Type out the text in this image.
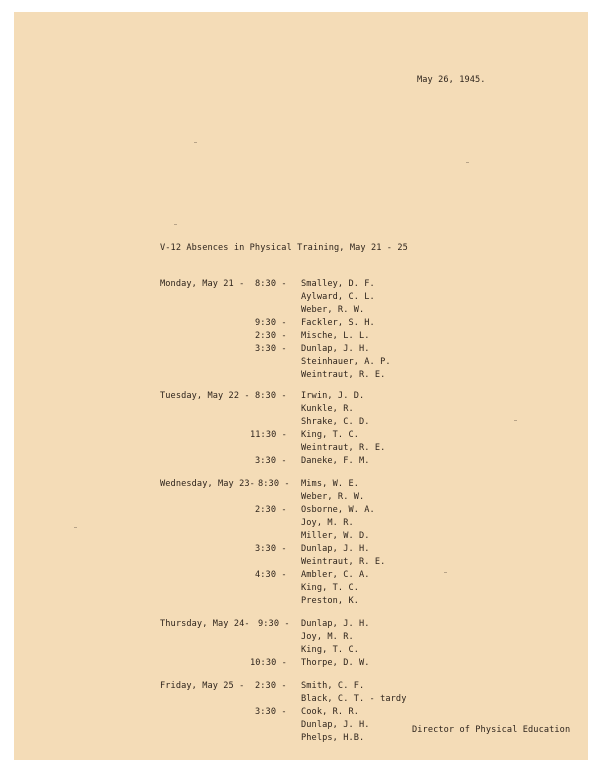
May 26, 1945.
V-12 Absences in Physical Training, May 21 - 25
Monday, May 21 - 8:30 - Smalley, D. F.
Aylward, C. L.
Weber, R. W.
9:30 - Fackler, S. H.
2:30 - Mische, L. L.
3:30 - Dunlap, J. H.
Steinhauer, A. P.
Weintraut, R. E.
Tuesday, May 22 - 8:30 - Irwin, J. D.
Kunkle, R.
Shrake, C. D.
11:30 - King, T. C.
Weintraut, R. E.
3:30 - Daneke, F. M.
Wednesday, May 23- 8:30 - Mims, W. E.
Weber, R. W.
2:30 - Osborne, W. A.
Joy, M. R.
Miller, W. D.
3:30 - Dunlap, J. H.
Weintraut, R. E.
4:30 - Ambler, C. A.
King, T. C.
Preston, K.
Thursday, May 24- 9:30 - Dunlap, J. H.
Joy, M. R.
King, T. C.
10:30 - Thorpe, D. W.
Friday, May 25 - 2:30 - Smith, C. F.
Black, C. T. - tardy
3:30 - Cook, R. R.
Dunlap, J. H.
Phelps, H.B.
Director of Physical Education
